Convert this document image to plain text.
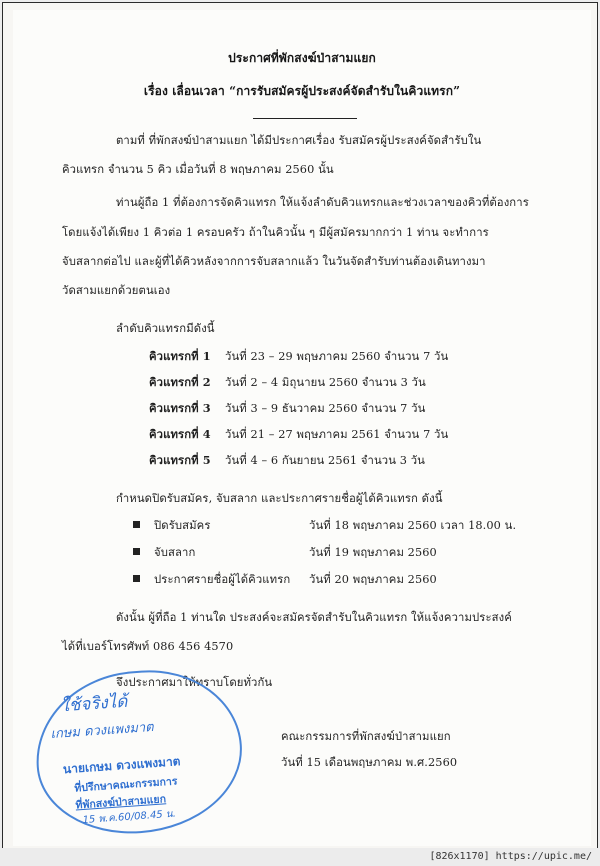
ประกาศที่พักสงฆ์ป่าสามแยก
เรื่อง เลื่อนเวลา “การรับสมัครผู้ประสงค์จัดสำรับในคิวแทรก”
ตามที่ ที่พักสงฆ์ป่าสามแยก ได้มีประกาศเรื่อง รับสมัครผู้ประสงค์จัดสำรับใน
คิวแทรก จำนวน 5 คิว เมื่อวันที่ 8 พฤษภาคม 2560 นั้น
ท่านผู้ถือ 1 ที่ต้องการจัดคิวแทรก ให้แจ้งลำดับคิวแทรกและช่วงเวลาของคิวที่ต้องการ
โดยแจ้งได้เพียง 1 คิวต่อ 1 ครอบครัว ถ้าในคิวนั้น ๆ มีผู้สมัครมากกว่า 1 ท่าน จะทำการ
จับสลากต่อไป และผู้ที่ได้คิวหลังจากการจับสลากแล้ว ในวันจัดสำรับท่านต้องเดินทางมา
วัดสามแยกด้วยตนเอง
ลำดับคิวแทรกมีดังนี้
คิวแทรกที่ 1 วันที่ 23 – 29 พฤษภาคม 2560 จำนวน 7 วัน
คิวแทรกที่ 2 วันที่ 2 – 4 มิถุนายน 2560 จำนวน 3 วัน
คิวแทรกที่ 3 วันที่ 3 – 9 ธันวาคม 2560 จำนวน 7 วัน
คิวแทรกที่ 4 วันที่ 21 – 27 พฤษภาคม 2561 จำนวน 7 วัน
คิวแทรกที่ 5 วันที่ 4 – 6 กันยายน 2561 จำนวน 3 วัน
กำหนดปิดรับสมัคร, จับสลาก และประกาศรายชื่อผู้ได้คิวแทรก ดังนี้
ปิดรับสมัคร	วันที่ 18 พฤษภาคม 2560 เวลา 18.00 น.
จับสลาก	วันที่ 19 พฤษภาคม 2560
ประกาศรายชื่อผู้ได้คิวแทรก วันที่ 20 พฤษภาคม 2560
ดังนั้น ผู้ที่ถือ 1 ท่านใด ประสงค์จะสมัครจัดสำรับในคิวแทรก ให้แจ้งความประสงค์
ได้ที่เบอร์โทรศัพท์ 086 456 4570
จึงประกาศมาให้ทราบโดยทั่วกัน
คณะกรรมการที่พักสงฆ์ป่าสามแยก
วันที่ 15 เดือนพฤษภาคม พ.ศ.2560
ใช้จริงได้
เกษม ดวงแพงมาต
นายเกษม ดวงแพงมาต
ที่ปรึกษาคณะกรรมการ
ที่พักสงฆ์ป่าสามแยก
15 พ.ค.60/08.45 น.
[826x1170] https://upic.me/
